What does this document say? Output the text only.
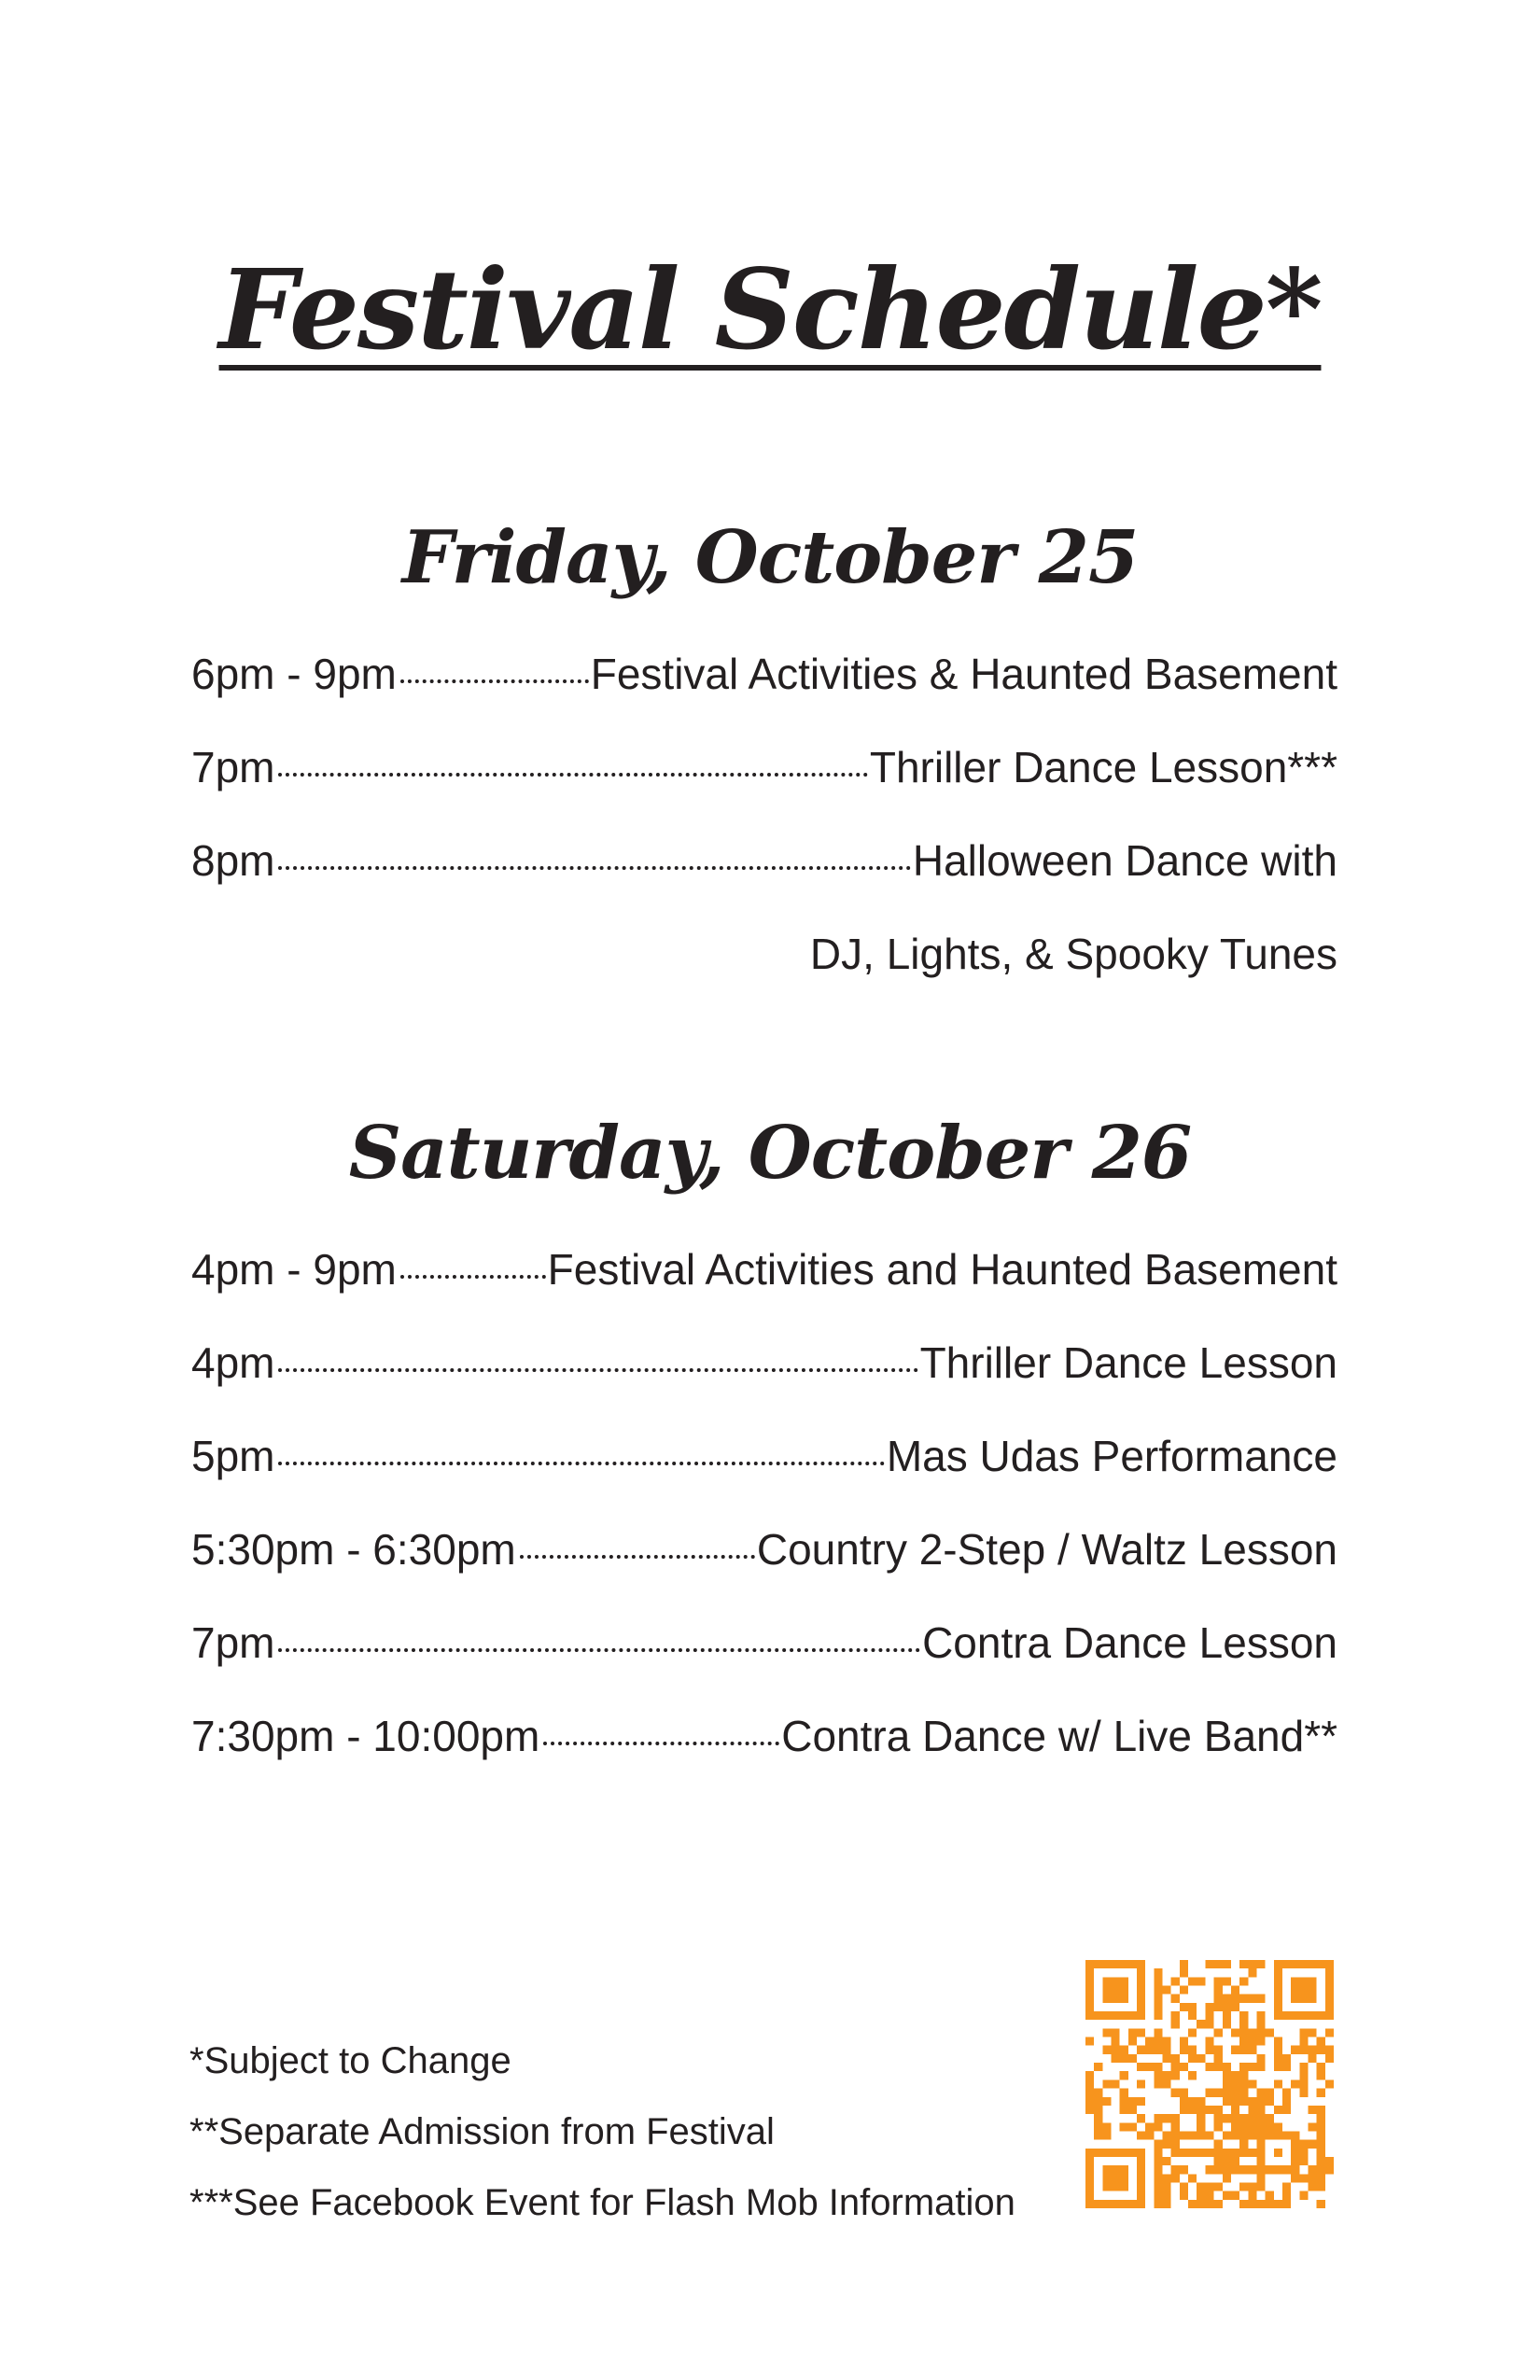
Festival Schedule*
Friday, October 25
6pm - 9pm	Festival Activities & Haunted Basement
7pm	Thriller Dance Lesson***
8pm	Halloween Dance with
DJ, Lights, & Spooky Tunes
Saturday, October 26
4pm - 9pm	Festival Activities and Haunted Basement
4pm	Thriller Dance Lesson
5pm	Mas Udas Performance
5:30pm - 6:30pm	Country 2-Step / Waltz Lesson
7pm	Contra Dance Lesson
7:30pm - 10:00pm	Contra Dance w/ Live Band**
*Subject to Change
**Separate Admission from Festival
***See Facebook Event for Flash Mob Information
